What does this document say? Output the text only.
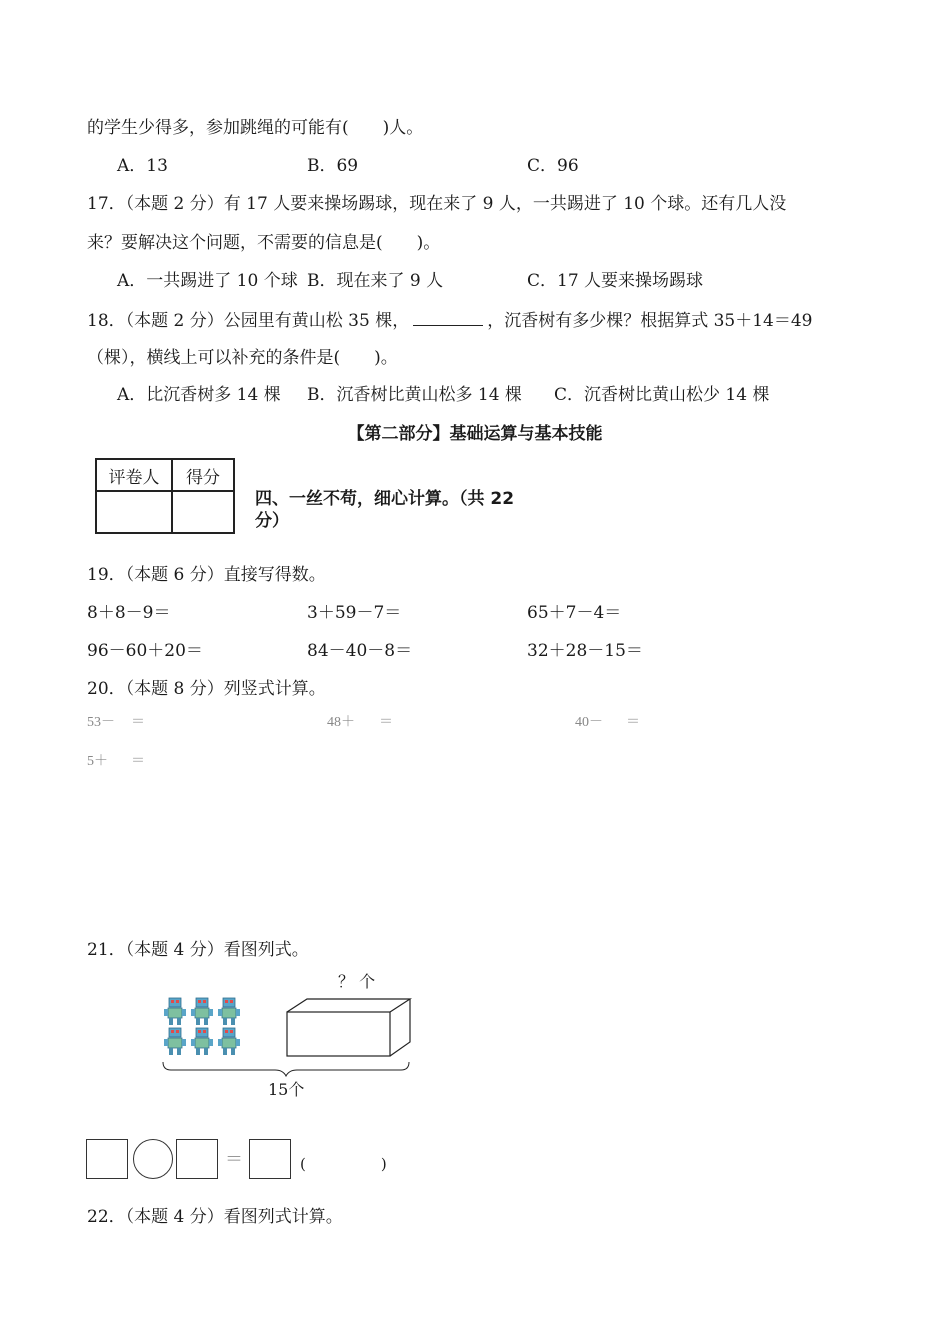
的学生少得多，参加跳绳的可能有(　　)人。
A．13	B．69	C．96
17．（本题 2 分）有 17 人要来操场踢球，现在来了 9 人，一共踢进了 10 个球。还有几人没
来？要解决这个问题，不需要的信息是(　　)。
A．一共踢进了 10 个球 B．现在来了 9 人	C．17 人要来操场踢球
18．（本题 2 分）公园里有黄山松 35 棵，	，沉香树有多少棵？根据算式 35＋14＝49
（棵），横线上可以补充的条件是(　　)。
A．比沉香树多 14 棵 B．沉香树比黄山松多 14 棵 C．沉香树比黄山松少 14 棵
【第二部分】基础运算与基本技能
评卷人	得分

四、一丝不苟，细心计算。（共 22
分）
19．（本题 6 分）直接写得数。
8＋8－9＝	3＋59－7＝	65＋7－4＝
96－60＋20＝	84－40－8＝	32＋28－15＝
20．（本题 8 分）列竖式计算。
53－ ＝	48＋ ＝	40－ ＝
5＋ ＝
21．（本题 4 分）看图列式。
？ 个
15个
＝	(　　　　　)
22．（本题 4 分）看图列式计算。
